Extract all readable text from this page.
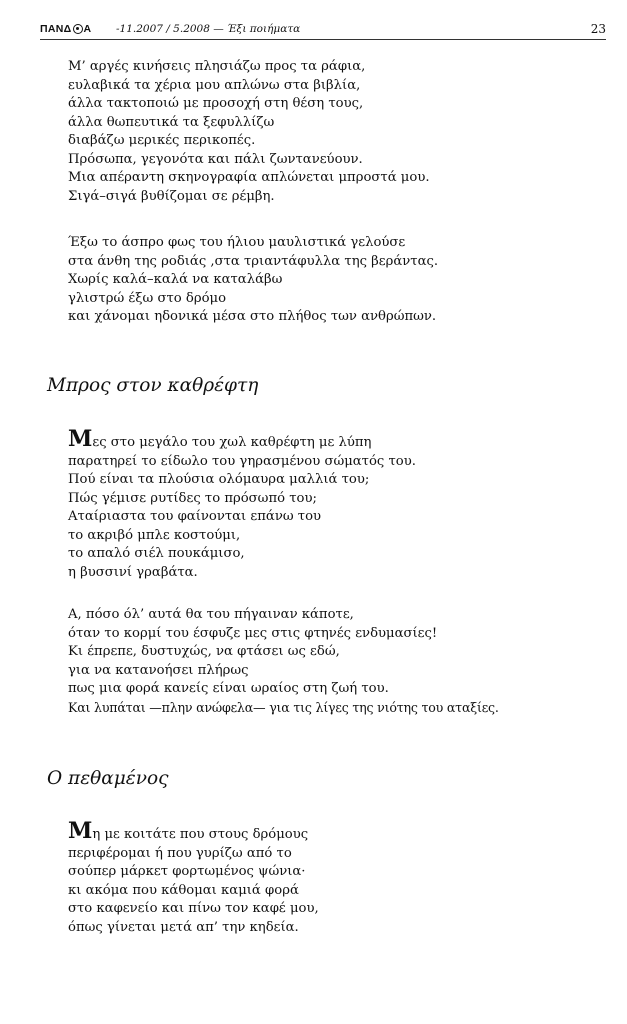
ΠΑΝΔ Α -11.2007 / 5.2008 — Έξι ποιήματα	23
Μ’ αργές κινήσεις πλησιάζω προς τα ράφια,
ευλαβικά τα χέρια μου απλώνω στα βιβλία,
άλλα τακτοποιώ με προσοχή στη θέση τους,
άλλα θωπευτικά τα ξεφυλλίζω
διαβάζω μερικές περικοπές.
Πρόσωπα, γεγονότα και πάλι ζωντανεύουν.
Μια απέραντη σκηνογραφία απλώνεται μπροστά μου.
Σιγά–σιγά βυθίζομαι σε ρέμβη.
Έξω το άσπρο φως του ήλιου μαυλιστικά γελούσε
στα άνθη της ροδιάς ,στα τριαντάφυλλα της βεράντας.
Χωρίς καλά–καλά να καταλάβω
γλιστρώ έξω στο δρόμο
και χάνομαι ηδονικά μέσα στο πλήθος των ανθρώπων.
Μπρος στον καθρέφτη
Μες στο μεγάλο του χωλ καθρέφτη με λύπη
παρατηρεί το είδωλο του γηρασμένου σώματός του.
Πού είναι τα πλούσια ολόμαυρα μαλλιά του;
Πώς γέμισε ρυτίδες το πρόσωπό του;
Αταίριαστα του φαίνονται επάνω του
το ακριβό μπλε κοστούμι,
το απαλό σιέλ πουκάμισο,
η βυσσινί γραβάτα.
Α, πόσο όλ’ αυτά θα του πήγαιναν κάποτε,
όταν το κορμί του έσφυζε μες στις φτηνές ενδυμασίες!
Κι έπρεπε, δυστυχώς, να φτάσει ως εδώ,
για να κατανοήσει πλήρως
πως μια φορά κανείς είναι ωραίος στη ζωή του.
Και λυπάται —πλην ανώφελα— για τις λίγες της νιότης του αταξίες.
Ο πεθαμένος
Μη με κοιτάτε που στους δρόμους
περιφέρομαι ή που γυρίζω από το
σούπερ μάρκετ φορτωμένος ψώνια·
κι ακόμα που κάθομαι καμιά φορά
στο καφενείο και πίνω τον καφέ μου,
όπως γίνεται μετά απ’ την κηδεία.
